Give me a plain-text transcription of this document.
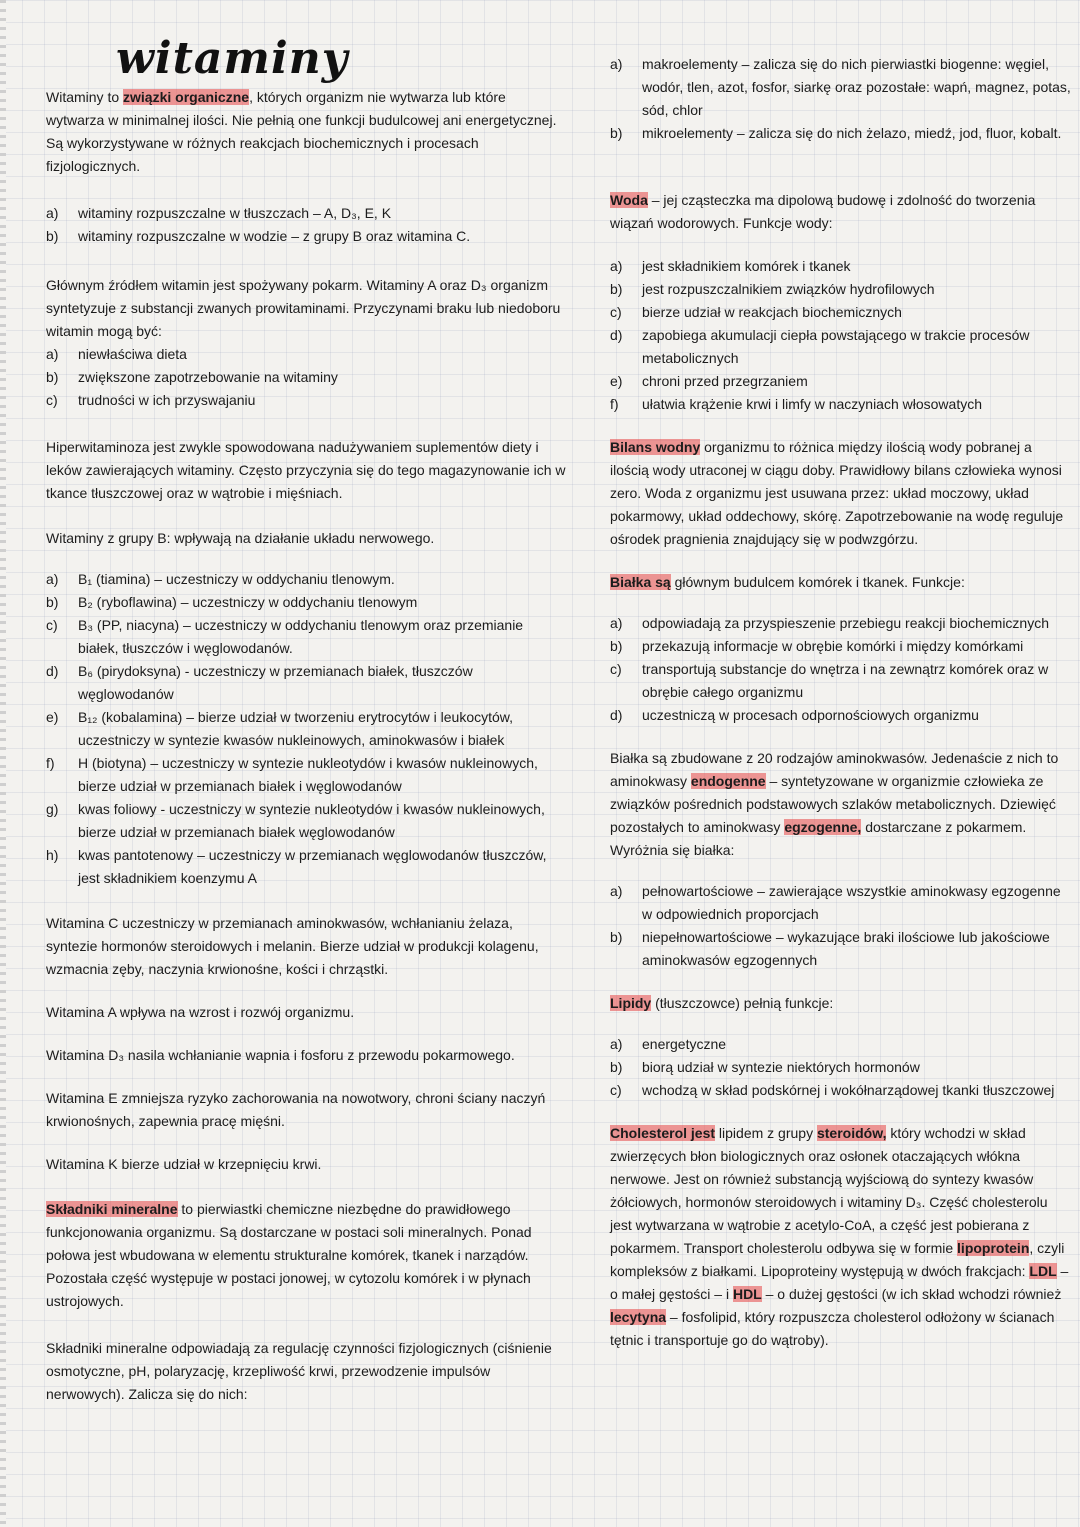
witaminy

Witaminy to związki organiczne, których organizm nie wytwarza lub które wytwarza w minimalnej ilości. Nie pełnią one funkcji budulcowej ani energetycznej. Są wykorzystywane w różnych reakcjach biochemicznych i procesach fizjologicznych.

a)	witaminy rozpuszczalne w tłuszczach – A, D₃, E, K
b)	witaminy rozpuszczalne w wodzie – z grupy B oraz witamina C.

Głównym źródłem witamin jest spożywany pokarm. Witaminy A oraz D₃ organizm syntetyzuje z substancji zwanych prowitaminami. Przyczynami braku lub niedoboru witamin mogą być:

a)	niewłaściwa dieta
b)	zwiększone zapotrzebowanie na witaminy
c)	trudności w ich przyswajaniu

Hiperwitaminoza jest zwykle spowodowana nadużywaniem suplementów diety i leków zawierających witaminy. Często przyczynia się do tego magazynowanie ich w tkance tłuszczowej oraz w wątrobie i mięśniach.

Witaminy z grupy B: wpływają na działanie układu nerwowego.

a)	B₁ (tiamina) – uczestniczy w oddychaniu tlenowym.
b)	B₂ (ryboflawina) – uczestniczy w oddychaniu tlenowym
c)	B₃ (PP, niacyna) – uczestniczy w oddychaniu tlenowym oraz przemianie białek, tłuszczów i węglowodanów.
d)	B₆ (pirydoksyna) - uczestniczy w przemianach białek, tłuszczów węglowodanów
e)	B₁₂ (kobalamina) – bierze udział w tworzeniu erytrocytów i leukocytów, uczestniczy w syntezie kwasów nukleinowych, aminokwasów i białek
f)	H (biotyna) – uczestniczy w syntezie nukleotydów i kwasów nukleinowych, bierze udział w przemianach białek i węglowodanów
g)	kwas foliowy - uczestniczy w syntezie nukleotydów i kwasów nukleinowych, bierze udział w przemianach białek węglowodanów
h)	kwas pantotenowy – uczestniczy w przemianach węglowodanów tłuszczów, jest składnikiem koenzymu A

Witamina C uczestniczy w przemianach aminokwasów, wchłanianiu żelaza, syntezie hormonów steroidowych i melanin. Bierze udział w produkcji kolagenu, wzmacnia zęby, naczynia krwionośne, kości i chrząstki.

Witamina A wpływa na wzrost i rozwój organizmu.

Witamina D₃ nasila wchłanianie wapnia i fosforu z przewodu pokarmowego.

Witamina E zmniejsza ryzyko zachorowania na nowotwory, chroni ściany naczyń krwionośnych, zapewnia pracę mięśni.

Witamina K bierze udział w krzepnięciu krwi.

Składniki mineralne to pierwiastki chemiczne niezbędne do prawidłowego funkcjonowania organizmu. Są dostarczane w postaci soli mineralnych. Ponad połowa jest wbudowana w elementu strukturalne komórek, tkanek i narządów. Pozostała część występuje w postaci jonowej, w cytozolu komórek i w płynach ustrojowych.

Składniki mineralne odpowiadają za regulację czynności fizjologicznych (ciśnienie osmotyczne, pH, polaryzację, krzepliwość krwi, przewodzenie impulsów nerwowych). Zalicza się do nich:

a)	makroelementy – zalicza się do nich pierwiastki biogenne: węgiel, wodór, tlen, azot, fosfor, siarkę oraz pozostałe: wapń, magnez, potas, sód, chlor
b)	mikroelementy – zalicza się do nich żelazo, miedź, jod, fluor, kobalt.

Woda – jej cząsteczka ma dipolową budowę i zdolność do tworzenia wiązań wodorowych. Funkcje wody:

a)	jest składnikiem komórek i tkanek
b)	jest rozpuszczalnikiem związków hydrofilowych
c)	bierze udział w reakcjach biochemicznych
d)	zapobiega akumulacji ciepła powstającego w trakcie procesów metabolicznych
e)	chroni przed przegrzaniem
f)	ułatwia krążenie krwi i limfy w naczyniach włosowatych

Bilans wodny organizmu to różnica między ilością wody pobranej a ilością wody utraconej w ciągu doby. Prawidłowy bilans człowieka wynosi zero. Woda z organizmu jest usuwana przez: układ moczowy, układ pokarmowy, układ oddechowy, skórę. Zapotrzebowanie na wodę reguluje ośrodek pragnienia znajdujący się w podwzgórzu.

Białka są głównym budulcem komórek i tkanek. Funkcje:

a)	odpowiadają za przyspieszenie przebiegu reakcji biochemicznych
b)	przekazują informacje w obrębie komórki i między komórkami
c)	transportują substancje do wnętrza i na zewnątrz komórek oraz w obrębie całego organizmu
d)	uczestniczą w procesach odpornościowych organizmu

Białka są zbudowane z 20 rodzajów aminokwasów. Jedenaście z nich to aminokwasy endogenne – syntetyzowane w organizmie człowieka ze związków pośrednich podstawowych szlaków metabolicznych. Dziewięć pozostałych to aminokwasy egzogenne, dostarczane z pokarmem. Wyróżnia się białka:

a)	pełnowartościowe – zawierające wszystkie aminokwasy egzogenne w odpowiednich proporcjach
b)	niepełnowartościowe – wykazujące braki ilościowe lub jakościowe aminokwasów egzogennych

Lipidy (tłuszczowce) pełnią funkcje:

a)	energetyczne
b)	biorą udział w syntezie niektórych hormonów
c)	wchodzą w skład podskórnej i wokółnarządowej tkanki tłuszczowej

Cholesterol jest lipidem z grupy steroidów, który wchodzi w skład zwierzęcych błon biologicznych oraz osłonek otaczających włókna nerwowe. Jest on również substancją wyjściową do syntezy kwasów żółciowych, hormonów steroidowych i witaminy D₃. Część cholesterolu jest wytwarzana w wątrobie z acetylo-CoA, a część jest pobierana z pokarmem. Transport cholesterolu odbywa się w formie lipoprotein, czyli kompleksów z białkami. Lipoproteiny występują w dwóch frakcjach: LDL – o małej gęstości – i HDL – o dużej gęstości (w ich skład wchodzi również lecytyna – fosfolipid, który rozpuszcza cholesterol odłożony w ścianach tętnic i transportuje go do wątroby).
